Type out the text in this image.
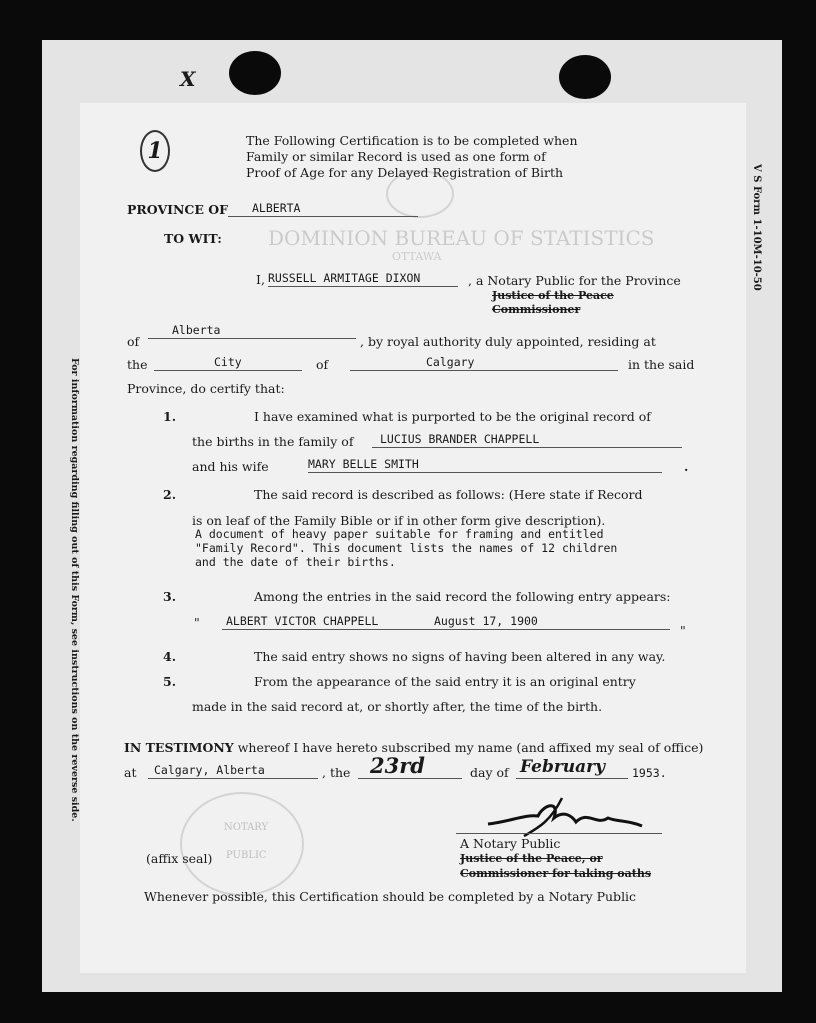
X
DOMINION BUREAU OF STATISTICS
OTTAWA
1	The Following Certification is to be completed when
Family or similar Record is used as one form of
Proof of Age for any Delayed Registration of Birth	V S Form 1-10M-10-50
For information regarding filling out of this Form, see instructions on the reverse side.
PROVINCE OF	ALBERTA
TO WIT:
I, RUSSELL ARMITAGE DIXON	, a Notary Public for the Province
Justice of the Peace
Commissioner
of
Alberta
, by royal authority duly appointed, residing at
the	City	of	Calgary	in the said
Province, do certify that:
1.	I have examined what is purported to be the original record of
the births in the family of	LUCIUS BRANDER CHAPPELL
and his wife	MARY BELLE SMITH	.
2.	The said record is described as follows: (Here state if Record
is on leaf of the Family Bible or if in other form give description).
A document of heavy paper suitable for framing and entitled
"Family Record". This document lists the names of 12 children
and the date of their births.
3.	Among the entries in the said record the following entry appears:
"	ALBERT VICTOR CHAPPELL	August 17, 1900
"
4.	The said entry shows no signs of having been altered in any way.
5.	From the appearance of the said entry it is an original entry
made in the said record at, or shortly after, the time of the birth.
IN TESTIMONY whereof I have hereto subscribed my name (and affixed my seal of office)
at	Calgary, Alberta	, the 23rd	day of February	1953.
NOTARY
PUBLIC
A Notary Public
Justice of the Peace, or
Commissioner for taking oaths
(affix seal)
Whenever possible, this Certification should be completed by a Notary Public
